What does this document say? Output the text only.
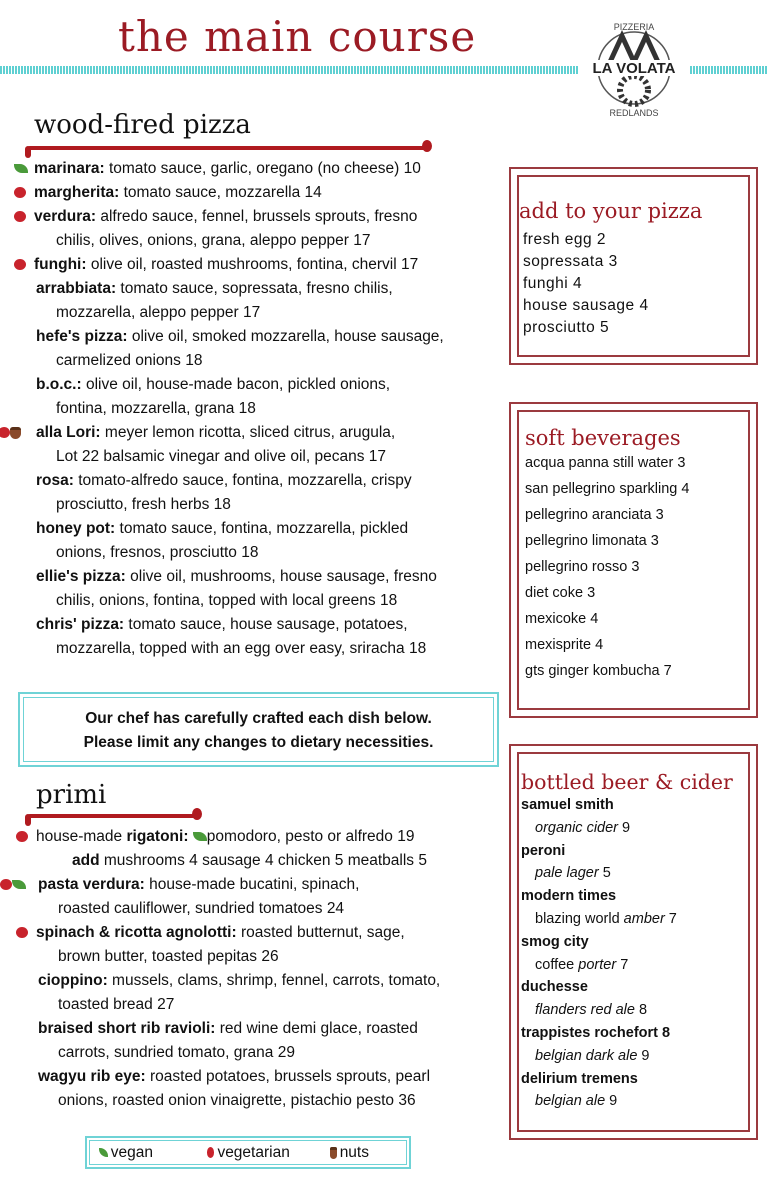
the main course
LA VOLATA
PIZZERIA
REDLANDS
wood-fired pizza
marinara: tomato sauce, garlic, oregano (no cheese) 10
margherita: tomato sauce, mozzarella 14
verdura: alfredo sauce, fennel, brussels sprouts, fresno
chilis, olives, onions, grana, aleppo pepper 17
funghi: olive oil, roasted mushrooms, fontina, chervil 17
arrabbiata: tomato sauce, sopressata, fresno chilis,
mozzarella, aleppo pepper 17
hefe's pizza: olive oil, smoked mozzarella, house sausage,
carmelized onions 18
b.o.c.: olive oil, house-made bacon, pickled onions,
fontina, mozzarella, grana 18
alla Lori: meyer lemon ricotta, sliced citrus, arugula,
Lot 22 balsamic vinegar and olive oil, pecans 17
rosa: tomato-alfredo sauce, fontina, mozzarella, crispy
prosciutto, fresh herbs 18
honey pot: tomato sauce, fontina, mozzarella, pickled
onions, fresnos, prosciutto 18
ellie's pizza: olive oil, mushrooms, house sausage, fresno
chilis, onions, fontina, topped with local greens 18
chris' pizza: tomato sauce, house sausage, potatoes,
mozzarella, topped with an egg over easy, sriracha 18
Our chef has carefully crafted each dish below.
Please limit any changes to dietary necessities.
primi
house-made rigatoni: pomodoro, pesto or alfredo 19
add mushrooms 4 sausage 4 chicken 5 meatballs 5
pasta verdura: house-made bucatini, spinach,
roasted cauliflower, sundried tomatoes 24
spinach & ricotta agnolotti: roasted butternut, sage,
brown butter, toasted pepitas 26
cioppino: mussels, clams, shrimp, fennel, carrots, tomato,
toasted bread 27
braised short rib ravioli: red wine demi glace, roasted
carrots, sundried tomato, grana 29
wagyu rib eye: roasted potatoes, brussels sprouts, pearl
onions, roasted onion vinaigrette, pistachio pesto 36
vegan	vegetarian	nuts
add to your pizza
fresh egg 2
sopressata 3
funghi 4
house sausage 4
prosciutto 5
soft beverages
acqua panna still water 3
san pellegrino sparkling 4
pellegrino aranciata 3
pellegrino limonata 3
pellegrino rosso 3
diet coke 3
mexicoke 4
mexisprite 4
gts ginger kombucha 7
bottled beer & cider
samuel smith
organic cider 9
peroni
pale lager 5
modern times
blazing world amber 7
smog city
coffee porter 7
duchesse
flanders red ale 8
trappistes rochefort 8
belgian dark ale 9
delirium tremens
belgian ale 9
